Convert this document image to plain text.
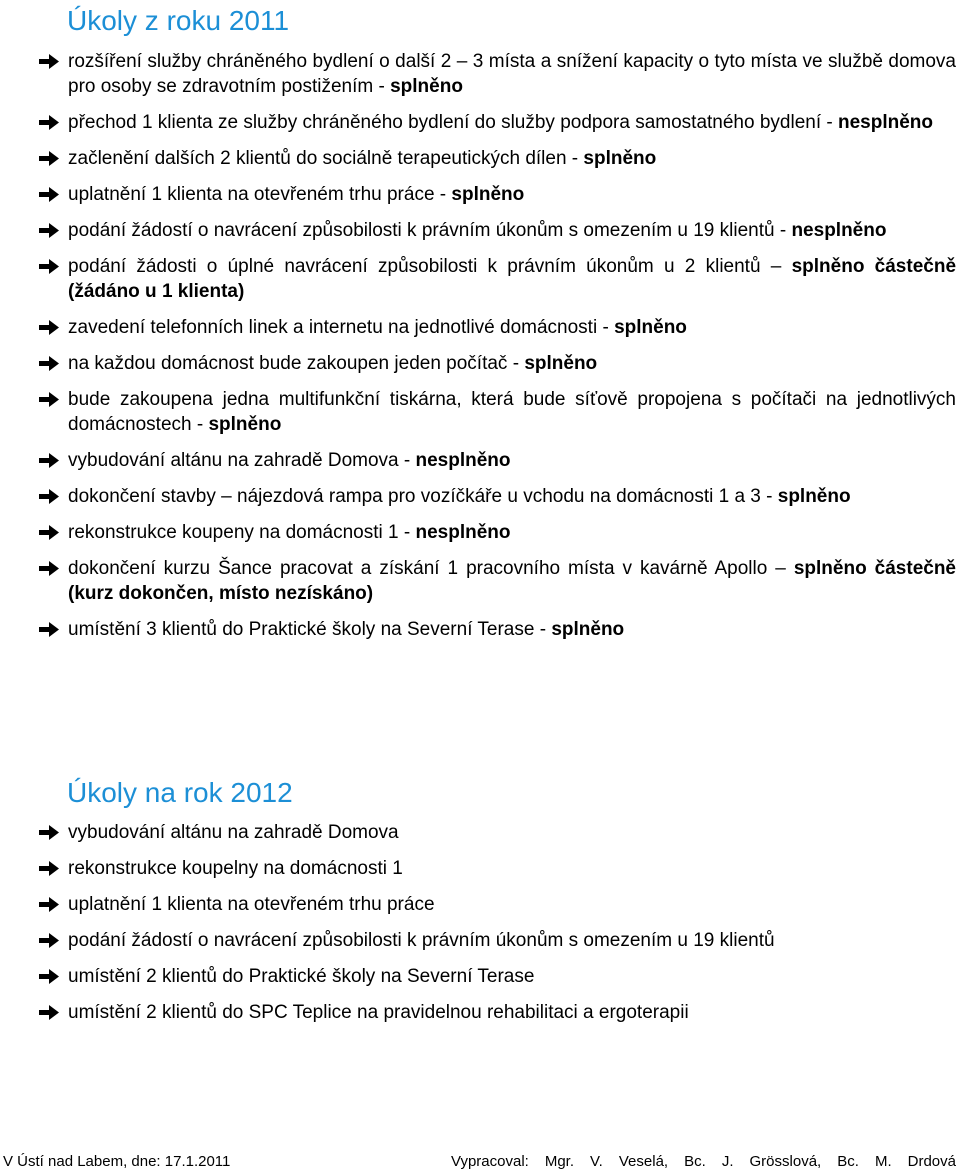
Úkoly z roku 2011
rozšíření služby chráněného bydlení o další 2 – 3 místa a snížení kapacity o tyto místa ve službě domova pro osoby se zdravotním postižením - splněno
přechod 1 klienta ze služby chráněného bydlení do služby podpora samostatného bydlení - nesplněno
začlenění dalších 2 klientů do sociálně terapeutických dílen - splněno
uplatnění 1 klienta na otevřeném trhu práce - splněno
podání žádostí o navrácení způsobilosti k právním úkonům s omezením u 19 klientů - nesplněno
podání žádosti o úplné navrácení způsobilosti k právním úkonům u 2 klientů – splněno částečně (žádáno u 1 klienta)
zavedení telefonních linek a internetu na jednotlivé domácnosti - splněno
na každou domácnost bude zakoupen jeden počítač - splněno
bude zakoupena jedna multifunkční tiskárna, která bude síťově propojena s počítači na jednotlivých domácnostech - splněno
vybudování altánu na zahradě Domova - nesplněno
dokončení stavby – nájezdová rampa pro vozíčkáře u vchodu na domácnosti 1 a 3 - splněno
rekonstrukce koupeny na domácnosti 1 - nesplněno
dokončení kurzu Šance pracovat a získání 1 pracovního místa v kavárně Apollo – splněno částečně (kurz dokončen, místo nezískáno)
umístění 3 klientů do Praktické školy na Severní Terase - splněno
Úkoly na rok 2012
vybudování altánu na zahradě Domova
rekonstrukce koupelny na domácnosti 1
uplatnění 1 klienta na otevřeném trhu práce
podání žádostí o navrácení způsobilosti k právním úkonům s omezením u 19 klientů
umístění 2 klientů do Praktické školy na Severní Terase
umístění 2 klientů do SPC Teplice na pravidelnou rehabilitaci a ergoterapii
V Ústí nad Labem, dne: 17.1.2011	Vypracoval: Mgr. V. Veselá, Bc. J. Grösslová, Bc. M. Drdová
